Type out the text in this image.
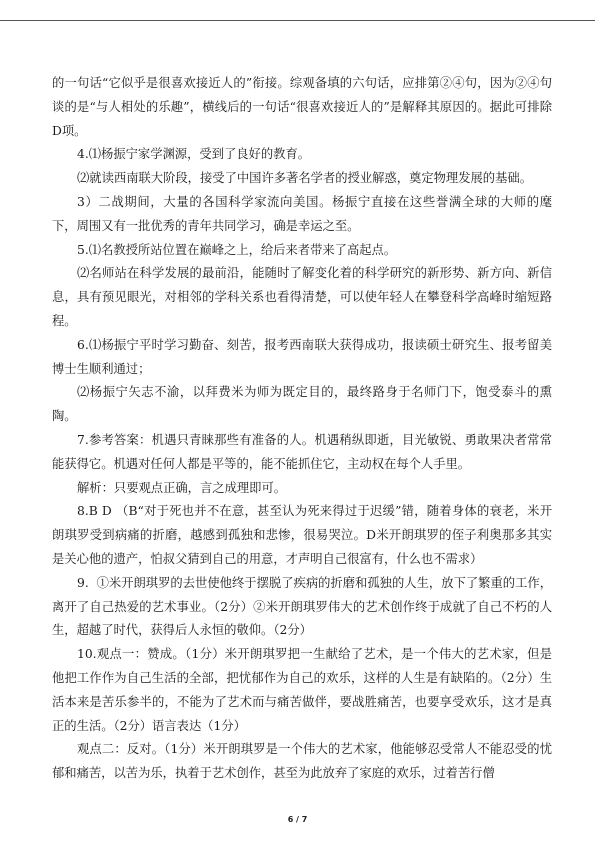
的一句话“它似乎是很喜欢接近人的”衔接。综观备填的六句话，应排第②④句，因为②④句谈的是“与人相处的乐趣”，横线后的一句话“很喜欢接近人的”是解释其原因的。据此可排除D项。

4.⑴杨振宁家学渊源，受到了良好的教育。

⑵就读西南联大阶段，接受了中国许多著名学者的授业解惑，奠定物理发展的基础。

3）二战期间，大量的各国科学家流向美国。杨振宁直接在这些誉满全球的大师的麾下，周围又有一批优秀的青年共同学习，确是幸运之至。

5.⑴名教授所站位置在巅峰之上，给后来者带来了高起点。

⑵名师站在科学发展的最前沿，能随时了解变化着的科学研究的新形势、新方向、新信息，具有预见眼光，对相邻的学科关系也看得清楚，可以使年轻人在攀登科学高峰时缩短路程。

6.⑴杨振宁平时学习勤奋、刻苦，报考西南联大获得成功，报读硕士研究生、报考留美博士生顺利通过；

⑵杨振宁矢志不渝，以拜费米为师为既定目的，最终路身于名师门下，饱受泰斗的熏陶。

7.参考答案：机遇只青睐那些有准备的人。机遇稍纵即逝，目光敏锐、勇敢果决者常常能获得它。机遇对任何人都是平等的，能不能抓住它，主动权在每个人手里。

解析：只要观点正确，言之成理即可。

8.B D （B“对于死也并不在意，甚至认为死来得过于迟缓”错，随着身体的衰老，米开朗琪罗受到病痛的折磨，越感到孤独和悲惨，很易哭泣。D米开朗琪罗的侄子利奥那多其实是关心他的遗产，怕叔父猜到自己的用意，才声明自己很富有，什么也不需求）

9.  ①米开朗琪罗的去世使他终于摆脱了疾病的折磨和孤独的人生，放下了繁重的工作，离开了自己热爱的艺术事业。（2分）②米开朗琪罗伟大的艺术创作终于成就了自己不朽的人生，超越了时代，获得后人永恒的敬仰。（2分）

10.观点一：赞成。（1分）米开朗琪罗把一生献给了艺术，是一个伟大的艺术家，但是他把工作作为自己生活的全部，把忧郁作为自己的欢乐，这样的人生是有缺陷的。（2分）生活本来是苦乐参半的，不能为了艺术而与痛苦做伴，要战胜痛苦，也要享受欢乐，这才是真正的生活。（2分）语言表达（1分）

观点二：反对。（1分）米开朗琪罗是一个伟大的艺术家，他能够忍受常人不能忍受的忧郁和痛苦，以苦为乐，执着于艺术创作，甚至为此放弃了家庭的欢乐，过着苦行僧

6 / 7
